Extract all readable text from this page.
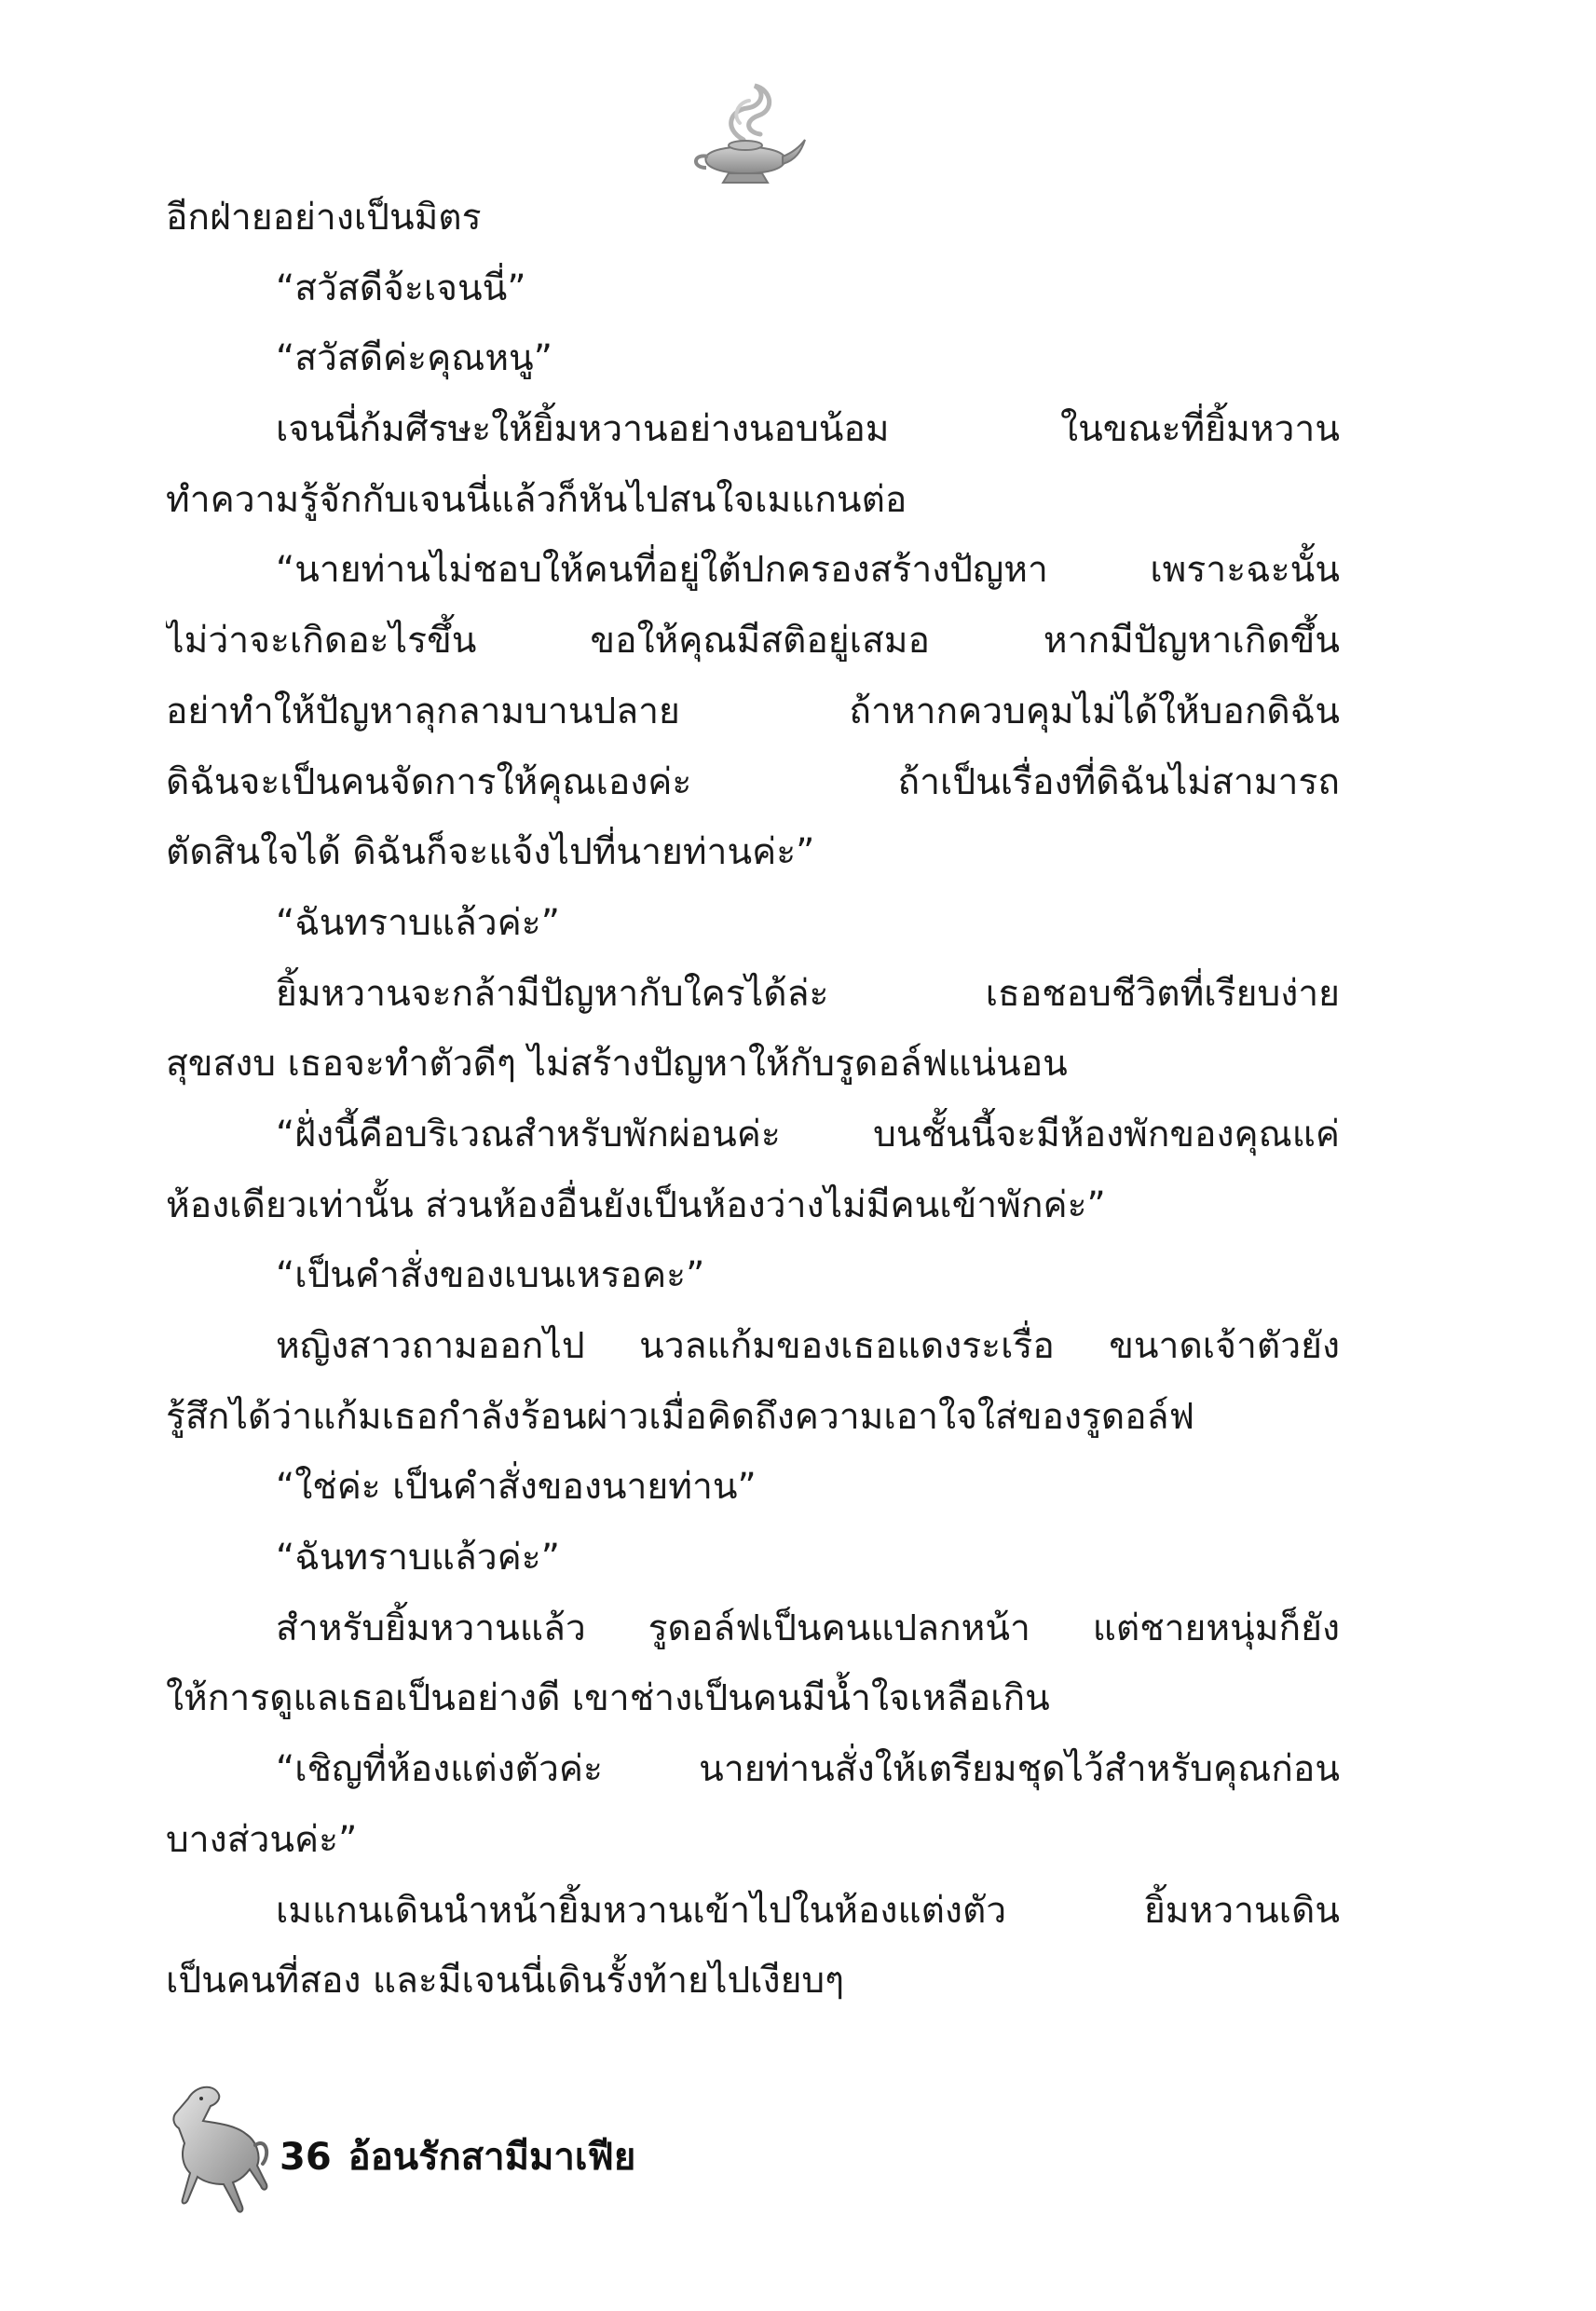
อีกฝ่ายอย่างเป็นมิตร
“สวัสดีจ้ะเจนนี่”
“สวัสดีค่ะคุณหนู”
เจนนี่ก้มศีรษะให้ยิ้มหวานอย่างนอบน้อม ในขณะที่ยิ้มหวาน
ทำความรู้จักกับเจนนี่แล้วก็หันไปสนใจเมแกนต่อ
“นายท่านไม่ชอบให้คนที่อยู่ใต้ปกครองสร้างปัญหา เพราะฉะนั้น
ไม่ว่าจะเกิดอะไรขึ้น ขอให้คุณมีสติอยู่เสมอ หากมีปัญหาเกิดขึ้น
อย่าทำให้ปัญหาลุกลามบานปลาย ถ้าหากควบคุมไม่ได้ให้บอกดิฉัน
ดิฉันจะเป็นคนจัดการให้คุณเองค่ะ ถ้าเป็นเรื่องที่ดิฉันไม่สามารถ
ตัดสินใจได้ ดิฉันก็จะแจ้งไปที่นายท่านค่ะ”
“ฉันทราบแล้วค่ะ”
ยิ้มหวานจะกล้ามีปัญหากับใครได้ล่ะ เธอชอบชีวิตที่เรียบง่าย
สุขสงบ เธอจะทำตัวดีๆ ไม่สร้างปัญหาให้กับรูดอล์ฟแน่นอน
“ฝั่งนี้คือบริเวณสำหรับพักผ่อนค่ะ บนชั้นนี้จะมีห้องพักของคุณแค่
ห้องเดียวเท่านั้น ส่วนห้องอื่นยังเป็นห้องว่างไม่มีคนเข้าพักค่ะ”
“เป็นคำสั่งของเบนเหรอคะ”
หญิงสาวถามออกไป นวลแก้มของเธอแดงระเรื่อ ขนาดเจ้าตัวยัง
รู้สึกได้ว่าแก้มเธอกำลังร้อนผ่าวเมื่อคิดถึงความเอาใจใส่ของรูดอล์ฟ
“ใช่ค่ะ เป็นคำสั่งของนายท่าน”
“ฉันทราบแล้วค่ะ”
สำหรับยิ้มหวานแล้ว รูดอล์ฟเป็นคนแปลกหน้า แต่ชายหนุ่มก็ยัง
ให้การดูแลเธอเป็นอย่างดี เขาช่างเป็นคนมีน้ำใจเหลือเกิน
“เชิญที่ห้องแต่งตัวค่ะ นายท่านสั่งให้เตรียมชุดไว้สำหรับคุณก่อน
บางส่วนค่ะ”
เมแกนเดินนำหน้ายิ้มหวานเข้าไปในห้องแต่งตัว ยิ้มหวานเดิน
เป็นคนที่สอง และมีเจนนี่เดินรั้งท้ายไปเงียบๆ
36 อ้อนรักสามีมาเฟีย
